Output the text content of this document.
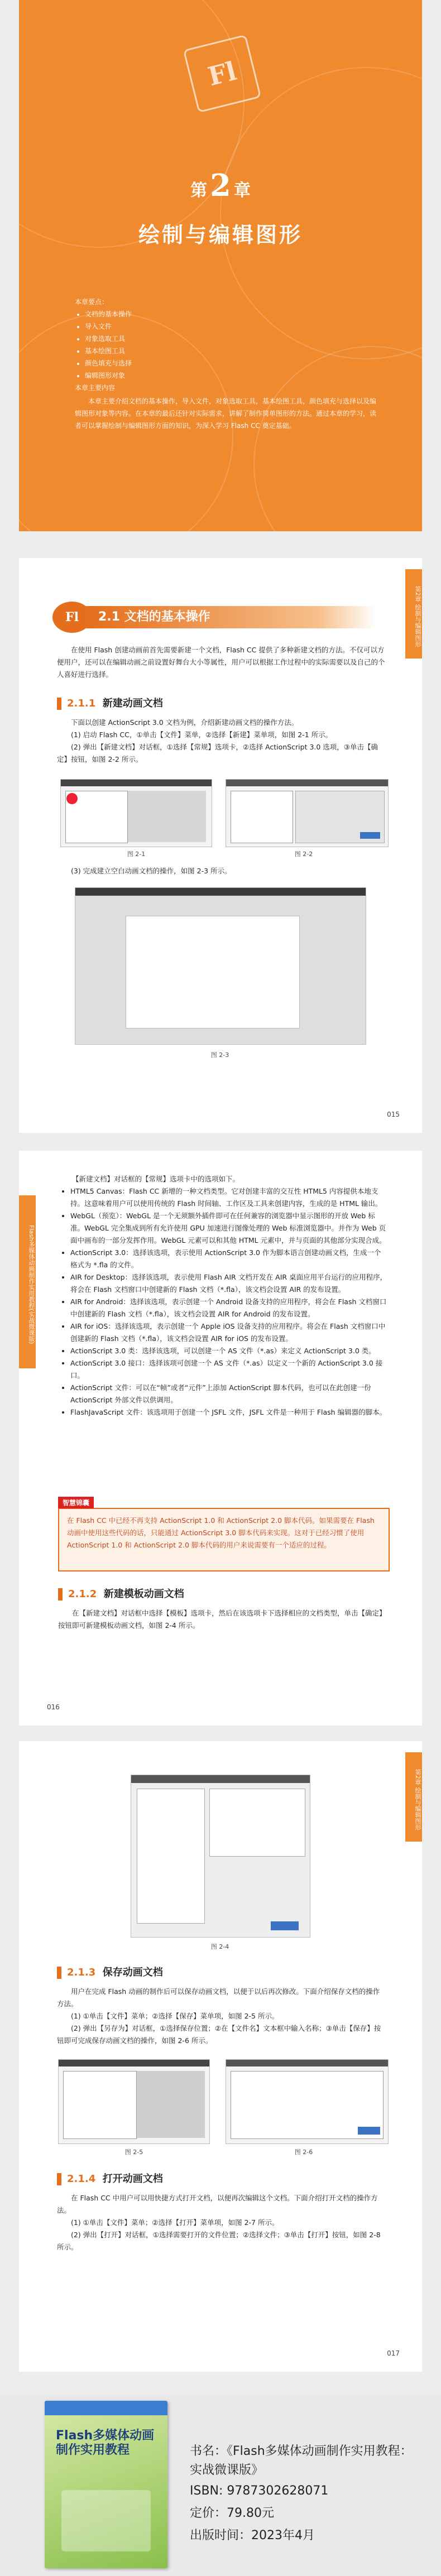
Fl
第 2 章
绘制与编辑图形
本章要点：
• 文档的基本操作
• 导入文件
• 对象选取工具
• 基本绘图工具
• 颜色填充与选择
• 编辑图形对象
本章主要内容

本章主要介绍文档的基本操作，导入文件，对象选取工具，基本绘图工具，颜色填充与选择以及编辑图形对象等内容。在本章的最后还针对实际需求，讲解了制作简单图形的方法。通过本章的学习，读者可以掌握绘制与编辑图形方面的知识，为深入学习 Flash CC 奠定基础。

第2章 绘制与编辑图形
Fl	2.1 文档的基本操作

在使用 Flash 创建动画前首先需要新建一个文档，Flash CC 提供了多种新建文档的方法。不仅可以方便用户，还可以在编辑动画之前设置好舞台大小等属性，用户可以根据工作过程中的实际需要以及自己的个人喜好进行选择。

2.1.1 新建动画文档

下面以创建 ActionScript 3.0 文档为例，介绍新建动画文档的操作方法。

(1) 启动 Flash CC，①单击【文件】菜单，②选择【新建】菜单项，如图 2-1 所示。

(2) 弹出【新建文档】对话框，①选择【常规】选项卡，②选择 ActionScript 3.0 选项，③单击【确定】按钮，如图 2-2 所示。

图 2-1	图 2-2

(3) 完成建立空白动画文档的操作，如图 2-3 所示。

图 2-3
015
Flash多媒体动画制作实用教程(实战微课版)

【新建文档】对话框的【常规】选项卡中的选项如下。

• HTML5 Canvas：Flash CC 新增的一种文档类型。它对创建丰富的交互性 HTML5 内容提供本地支持。这意味着用户可以使用传统的 Flash 时间轴、工作区及工具来创建内容，生成的是 HTML 输出。
• WebGL（预览）：WebGL 是一个无须额外插件即可在任何兼容的浏览器中显示图形的开放 Web 标准。WebGL 完全集成到所有允许使用 GPU 加速进行图像处理的 Web 标准浏览器中。并作为 Web 页面中画布的一部分发挥作用。WebGL 元素可以和其他 HTML 元素中，并与页面的其他部分实现合成。
• ActionScript 3.0：选择该选项，表示使用 ActionScript 3.0 作为脚本语言创建动画文档，生成一个格式为 *.fla 的文件。
• AIR for Desktop：选择该选项，表示使用 Flash AIR 文档开发在 AIR 桌面应用平台运行的应用程序，将会在 Flash 文档窗口中创建新的 Flash 文档（*.fla），该文档会设置 AIR 的发布设置。
• AIR for Android：选择该选项，表示创建一个 Android 设备支持的应用程序，将会在 Flash 文档窗口中创建新的 Flash 文档（*.fla），该文档会设置 AIR for Android 的发布设置。
• AIR for iOS：选择该选项，表示创建一个 Apple iOS 设备支持的应用程序。将会在 Flash 文档窗口中创建新的 Flash 文档（*.fla），该文档会设置 AIR for iOS 的发布设置。
• ActionScript 3.0 类：选择该选项，可以创建一个 AS 文件（*.as）来定义 ActionScript 3.0 类。
• ActionScript 3.0 接口：选择该项可创建一个 AS 文件（*.as）以定义一个新的 ActionScript 3.0 接口。
• ActionScript 文件：可以在“帧”或者“元件”上添加 ActionScript 脚本代码，也可以在此创建一份 ActionScript 外部文件以供调用。
• FlashJavaScript 文件：该选项用于创建一个 JSFL 文件，JSFL 文件是一种用于 Flash 编辑器的脚本。
智慧锦囊
在 Flash CC 中已经不再支持 ActionScript 1.0 和 ActionScript 2.0 脚本代码。如果需要在 Flash 动画中使用这些代码的话，只能通过 ActionScript 3.0 脚本代码来实现。这对于已经习惯了使用 ActionScript 1.0 和 ActionScript 2.0 脚本代码的用户来说需要有一个适应的过程。
2.1.2 新建模板动画文档

在【新建文档】对话框中选择【模板】选项卡，然后在该选项卡下选择相应的文档类型，单击【确定】按钮即可新建模板动画文档，如图 2-4 所示。

016
第2章 绘制与编辑图形
图 2-4
2.1.3 保存动画文档

用户在完成 Flash 动画的制作后可以保存动画文档，以便于以后再次修改。下面介绍保存文档的操作方法。

(1) ①单击【文件】菜单；②选择【保存】菜单项，如图 2-5 所示。

(2) 弹出【另存为】对话框，①选择保存位置；②在【文件名】文本框中输入名称；③单击【保存】按钮即可完成保存动画文档的操作，如图 2-6 所示。

图 2-5	图 2-6
2.1.4 打开动画文档

在 Flash CC 中用户可以用快捷方式打开文档，以便再次编辑这个文档。下面介绍打开文档的操作方法。

(1) ①单击【文件】菜单；②选择【打开】菜单项，如图 2-7 所示。

(2) 弹出【打开】对话框，①选择需要打开的文件位置；②选择文件；③单击【打开】按钮，如图 2-8 所示。

017
Flash多媒体动画制作实用教程	书名：《Flash多媒体动画制作实用教程：实战微课版》
ISBN: 9787302628071
定价：79.80元
出版时间：2023年4月
